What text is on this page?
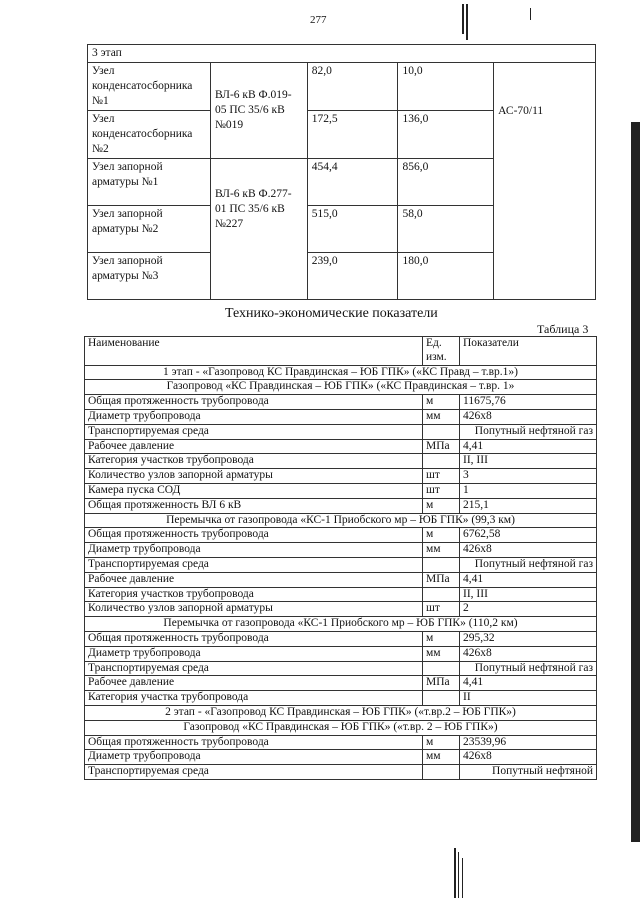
277
3 этап				
Узел конденсатосборника №1	ВЛ-6 кВ Ф.019-05 ПС 35/6 кВ №019	82,0	10,0	АС-70/11
Узел конденсатосборника №2		172,5	136,0	
Узел запорной арматуры №1	ВЛ-6 кВ Ф.277-01 ПС 35/6 кВ №227	454,4	856,0	
Узел запорной арматуры №2		515,0	58,0	
Узел запорной арматуры №3		239,0	180,0	
Технико-экономические показатели
Таблица 3
Наименование	Ед. изм.	Показатели
1 этап - «Газопровод КС Правдинская – ЮБ ГПК» («КС Правд – т.вр.1»)		
Газопровод «КС Правдинская – ЮБ ГПК» («КС Правдинская – т.вр. 1»		
Общая протяженность трубопровода	м	11675,76
Диаметр трубопровода	мм	426х8
Транспортируемая среда		Попутный нефтяной газ
Рабочее давление	МПа	4,41
Категория участков трубопровода		II, III
Количество узлов запорной арматуры	шт	3
Камера пуска СОД	шт	1
Общая протяженность ВЛ 6 кВ	м	215,1
Перемычка от газопровода «КС-1 Приобского мр – ЮБ ГПК» (99,3 км)		
Общая протяженность трубопровода	м	6762,58
Диаметр трубопровода	мм	426х8
Транспортируемая среда		Попутный нефтяной газ
Рабочее давление	МПа	4,41
Категория участков трубопровода		II, III
Количество узлов запорной арматуры	шт	2
Перемычка от газопровода «КС-1 Приобского мр – ЮБ ГПК» (110,2 км)		
Общая протяженность трубопровода	м	295,32
Диаметр трубопровода	мм	426х8
Транспортируемая среда		Попутный нефтяной газ
Рабочее давление	МПа	4,41
Категория участка трубопровода		II
2 этап - «Газопровод КС Правдинская – ЮБ ГПК» («т.вр.2 – ЮБ ГПК»)		
Газопровод «КС Правдинская – ЮБ ГПК» («т.вр. 2 – ЮБ ГПК»)		
Общая протяженность трубопровода	м	23539,96
Диаметр трубопровода	мм	426х8
Транспортируемая среда		Попутный нефтяной
